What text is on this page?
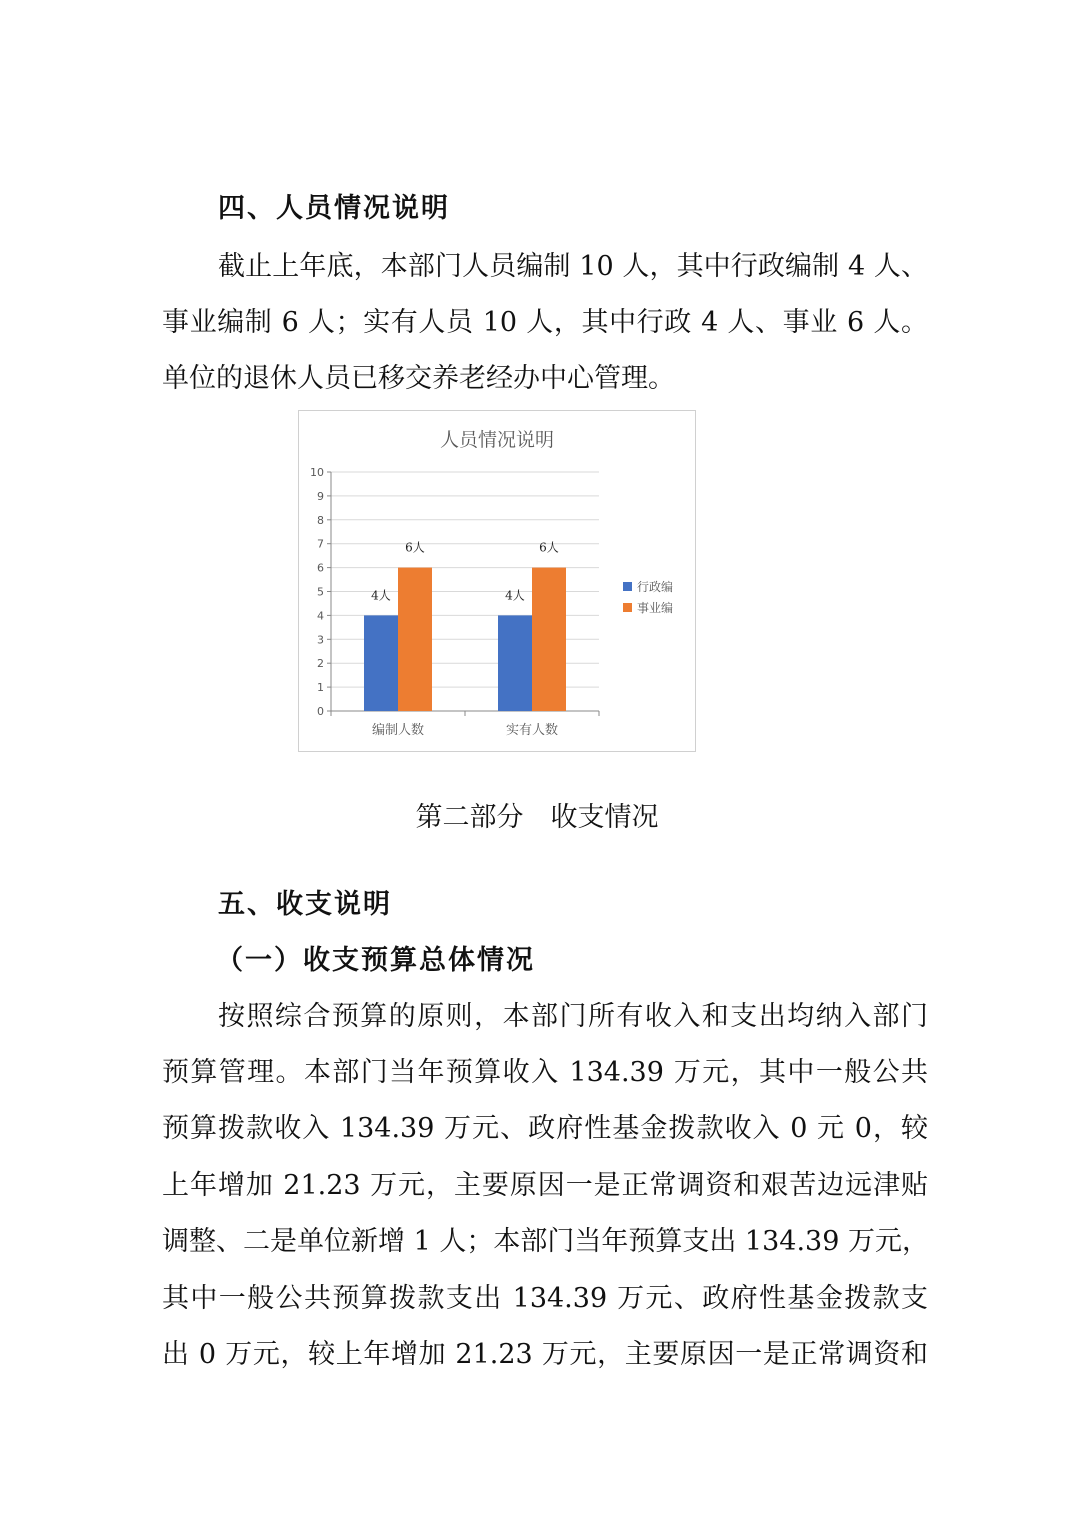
四、人员情况说明
截止上年底，本部门人员编制 10 人，其中行政编制 4 人、
事业编制 6 人；实有人员 10 人，其中行政 4 人、事业 6 人。
单位的退休人员已移交养老经办中心管理。
0
1
2
3
4
5
6
7
8
9
10
编制人数
4人
6人
实有人数
4人
6人
人员情况说明
行政编
事业编
第二部分　收支情况
五、收支说明
（一）收支预算总体情况
按照综合预算的原则，本部门所有收入和支出均纳入部门
预算管理。本部门当年预算收入 134.39 万元，其中一般公共
预算拨款收入 134.39 万元、政府性基金拨款收入 0 元 0，较
上年增加 21.23 万元，主要原因一是正常调资和艰苦边远津贴
调整、二是单位新增 1 人；本部门当年预算支出 134.39 万元，
其中一般公共预算拨款支出 134.39 万元、政府性基金拨款支
出 0 万元，较上年增加 21.23 万元，主要原因一是正常调资和
